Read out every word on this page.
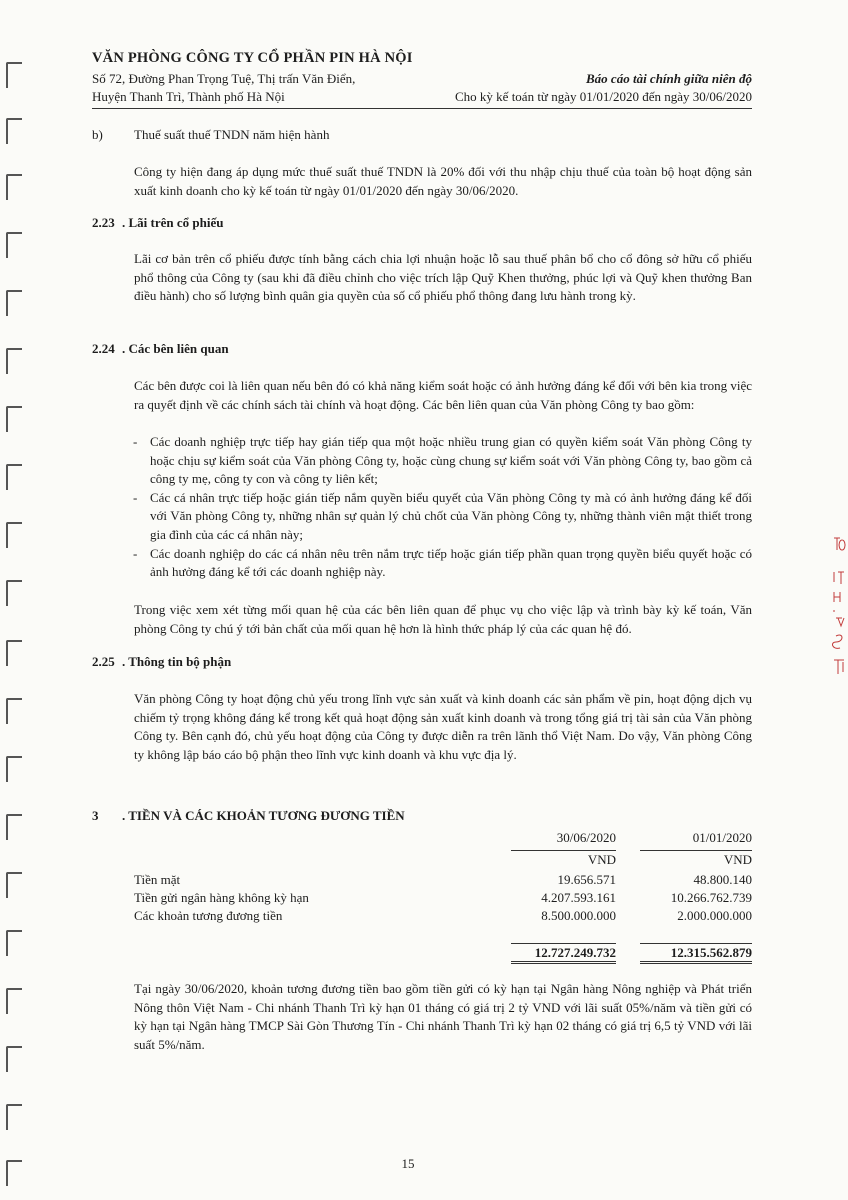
VĂN PHÒNG CÔNG TY CỔ PHẦN PIN HÀ NỘI
Số 72, Đường Phan Trọng Tuệ, Thị trấn Văn Điển,
Huyện Thanh Trì, Thành phố Hà Nội
Báo cáo tài chính giữa niên độ
Cho kỳ kế toán từ ngày 01/01/2020 đến ngày 30/06/2020
b) Thuế suất thuế TNDN năm hiện hành
Công ty hiện đang áp dụng mức thuế suất thuế TNDN là 20% đối với thu nhập chịu thuế của toàn bộ hoạt động sản xuất kinh doanh cho kỳ kế toán từ ngày 01/01/2020 đến ngày 30/06/2020.
2.23 . Lãi trên cổ phiếu
Lãi cơ bản trên cổ phiếu được tính bằng cách chia lợi nhuận hoặc lỗ sau thuế phân bổ cho cổ đông sở hữu cổ phiếu phổ thông của Công ty (sau khi đã điều chỉnh cho việc trích lập Quỹ Khen thưởng, phúc lợi và Quỹ khen thưởng Ban điều hành) cho số lượng bình quân gia quyền của số cổ phiếu phổ thông đang lưu hành trong kỳ.
2.24 . Các bên liên quan
Các bên được coi là liên quan nếu bên đó có khả năng kiểm soát hoặc có ảnh hưởng đáng kể đối với bên kia trong việc ra quyết định về các chính sách tài chính và hoạt động. Các bên liên quan của Văn phòng Công ty bao gồm:
- Các doanh nghiệp trực tiếp hay gián tiếp qua một hoặc nhiều trung gian có quyền kiểm soát Văn phòng Công ty hoặc chịu sự kiểm soát của Văn phòng Công ty, hoặc cùng chung sự kiểm soát với Văn phòng Công ty, bao gồm cả công ty mẹ, công ty con và công ty liên kết;
- Các cá nhân trực tiếp hoặc gián tiếp nắm quyền biểu quyết của Văn phòng Công ty mà có ảnh hưởng đáng kể đối với Văn phòng Công ty, những nhân sự quản lý chủ chốt của Văn phòng Công ty, những thành viên mật thiết trong gia đình của các cá nhân này;
- Các doanh nghiệp do các cá nhân nêu trên nắm trực tiếp hoặc gián tiếp phần quan trọng quyền biểu quyết hoặc có ảnh hưởng đáng kể tới các doanh nghiệp này.
Trong việc xem xét từng mối quan hệ của các bên liên quan để phục vụ cho việc lập và trình bày kỳ kế toán, Văn phòng Công ty chú ý tới bản chất của mối quan hệ hơn là hình thức pháp lý của các quan hệ đó.
2.25 . Thông tin bộ phận
Văn phòng Công ty hoạt động chủ yếu trong lĩnh vực sản xuất và kinh doanh các sản phẩm về pin, hoạt động dịch vụ chiếm tỷ trọng không đáng kể trong kết quả hoạt động sản xuất kinh doanh và trong tổng giá trị tài sản của Văn phòng Công ty. Bên cạnh đó, chủ yếu hoạt động của Công ty được diễn ra trên lãnh thổ Việt Nam. Do vậy, Văn phòng Công ty không lập báo cáo bộ phận theo lĩnh vực kinh doanh và khu vực địa lý.
3 . TIỀN VÀ CÁC KHOẢN TƯƠNG ĐƯƠNG TIỀN
30/06/2020	01/01/2020
VND	VND
Tiền mặt	19.656.571	48.800.140
Tiền gửi ngân hàng không kỳ hạn	4.207.593.161	10.266.762.739
Các khoản tương đương tiền	8.500.000.000	2.000.000.000
12.727.249.732	12.315.562.879
Tại ngày 30/06/2020, khoản tương đương tiền bao gồm tiền gửi có kỳ hạn tại Ngân hàng Nông nghiệp và Phát triển Nông thôn Việt Nam - Chi nhánh Thanh Trì kỳ hạn 01 tháng có giá trị 2 tỷ VND với lãi suất 05%/năm và tiền gửi có kỳ hạn tại Ngân hàng TMCP Sài Gòn Thương Tín - Chi nhánh Thanh Trì kỳ hạn 02 tháng có giá trị 6,5 tỷ VND với lãi suất 5%/năm.
15
